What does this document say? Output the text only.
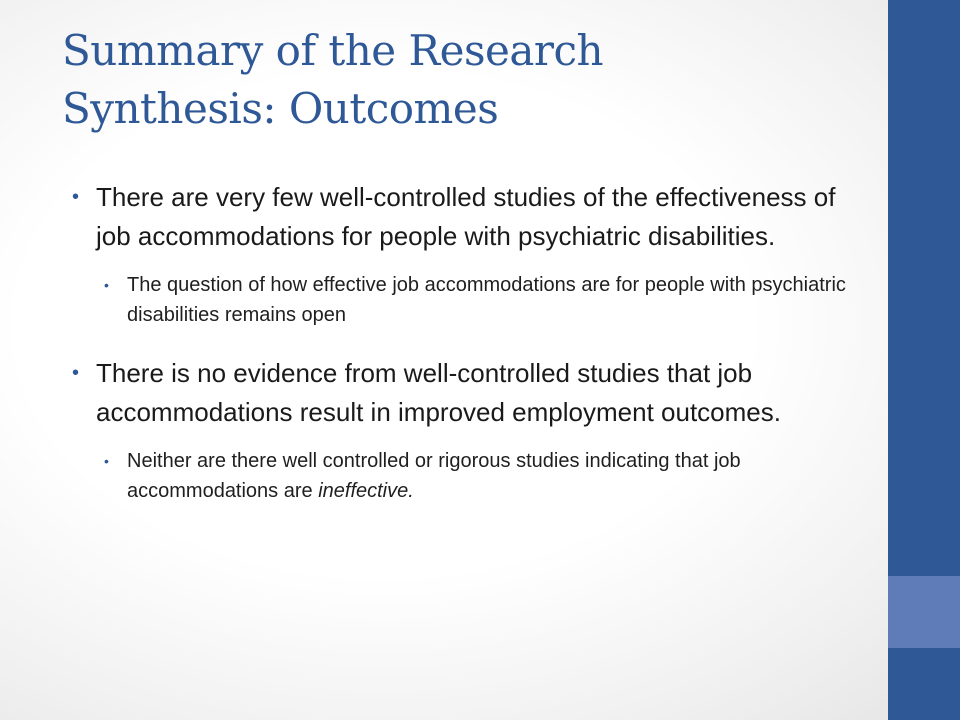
Summary of the Research
Synthesis: Outcomes
• There are very few well-controlled studies of the effectiveness of job accommodations for people with psychiatric disabilities.
• The question of how effective job accommodations are for people with psychiatric disabilities remains open
• There is no evidence from well-controlled studies that job accommodations result in improved employment outcomes.
• Neither are there well controlled or rigorous studies indicating that job accommodations are ineffective.
